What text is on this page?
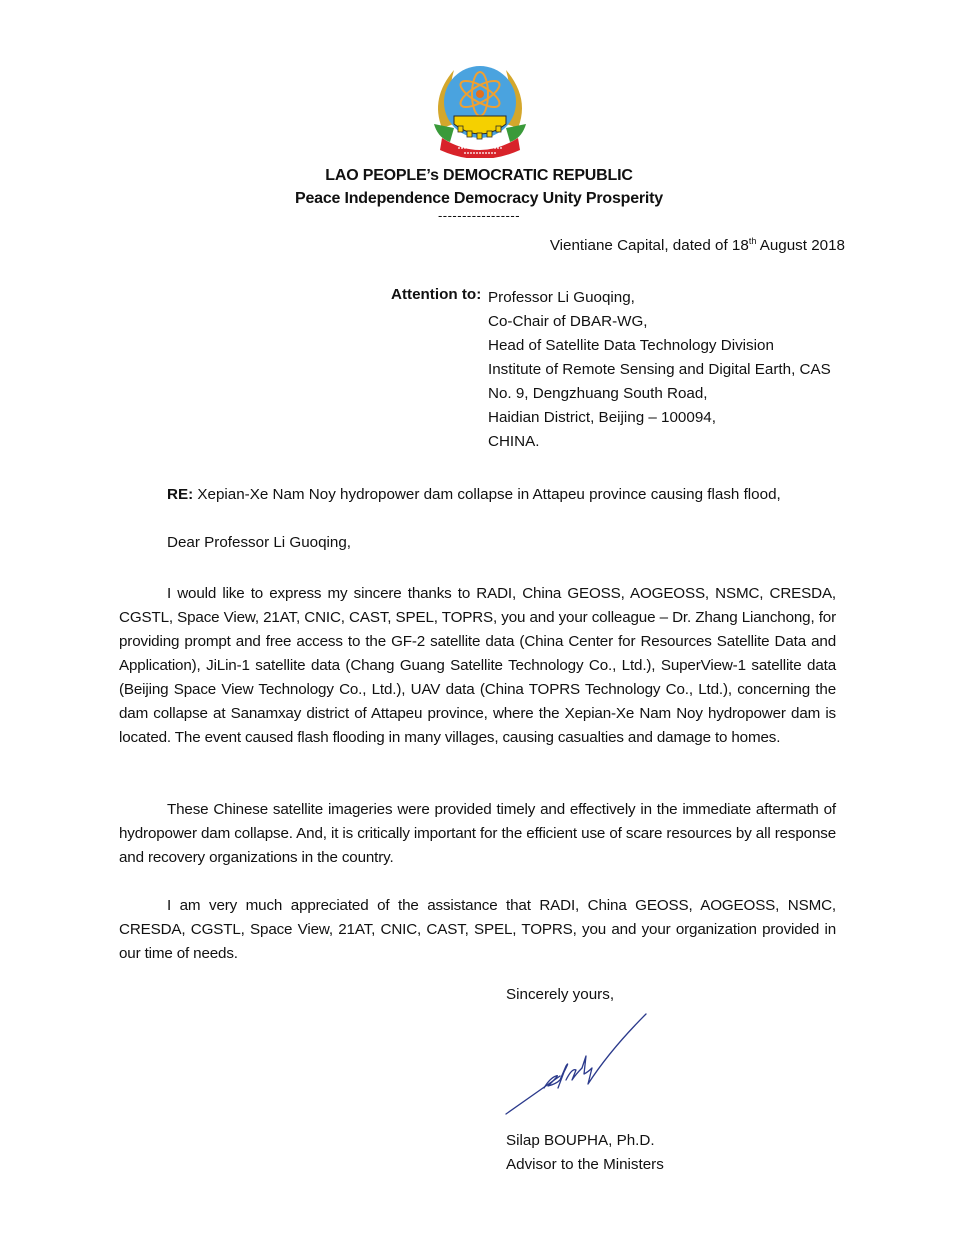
LAO PEOPLE’s DEMOCRATIC REPUBLIC
Peace Independence Democracy Unity Prosperity
-----------------
Vientiane Capital, dated of 18th August 2018
Attention to: Professor Li Guoqing,
Co-Chair of DBAR-WG,
Head of Satellite Data Technology Division
Institute of Remote Sensing and Digital Earth, CAS
No. 9, Dengzhuang South Road,
Haidian District, Beijing – 100094,
CHINA.
RE: Xepian-Xe Nam Noy hydropower dam collapse in Attapeu province causing flash flood,
Dear Professor Li Guoqing,
I would like to express my sincere thanks to RADI, China GEOSS, AOGEOSS, NSMC, CRESDA, CGSTL, Space View, 21AT, CNIC, CAST, SPEL, TOPRS, you and your colleague – Dr. Zhang Lianchong, for providing prompt and free access to the GF-2 satellite data (China Center for Resources Satellite Data and Application), JiLin-1 satellite data (Chang Guang Satellite Technology Co., Ltd.), SuperView-1 satellite data (Beijing Space View Technology Co., Ltd.), UAV data (China TOPRS Technology Co., Ltd.), concerning the dam collapse at Sanamxay district of Attapeu province, where the Xepian-Xe Nam Noy hydropower dam is located. The event caused flash flooding in many villages, causing casualties and damage to homes.
These Chinese satellite imageries were provided timely and effectively in the immediate aftermath of hydropower dam collapse. And, it is critically important for the efficient use of scare resources by all response and recovery organizations in the country.
I am very much appreciated of the assistance that RADI, China GEOSS, AOGEOSS, NSMC, CRESDA, CGSTL, Space View, 21AT, CNIC, CAST, SPEL, TOPRS, you and your organization provided in our time of needs.
Sincerely yours,
Silap BOUPHA, Ph.D.
Advisor to the Ministers
